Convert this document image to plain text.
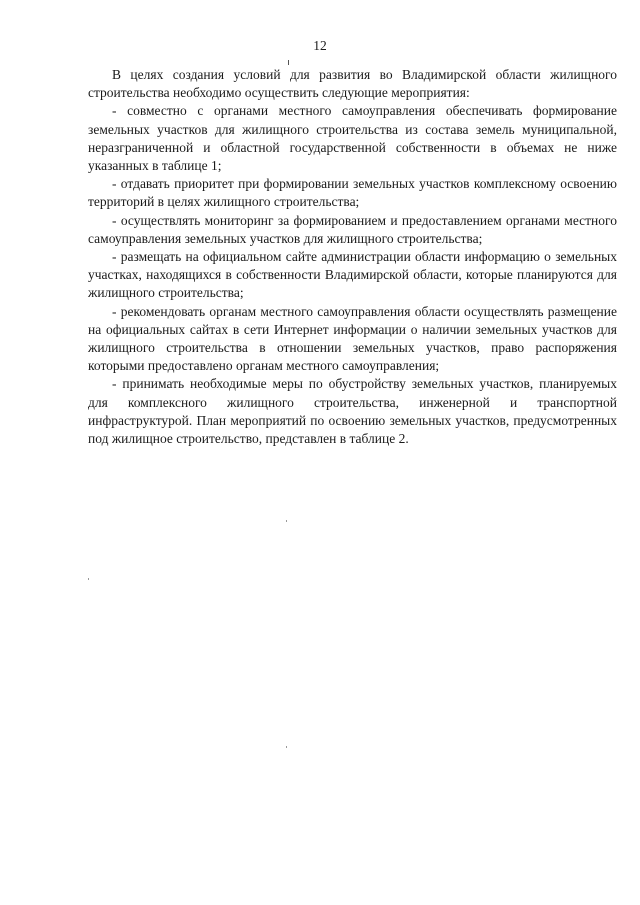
12

В целях создания условий для развития во Владимирской области жилищного строительства необходимо осуществить следующие мероприятия:

- совместно с органами местного самоуправления обеспечивать формирование земельных участков для жилищного строительства из состава земель муниципальной, неразграниченной и областной государственной собственности в объемах не ниже указанных в таблице 1;

- отдавать приоритет при формировании земельных участков комплексному освоению территорий в целях жилищного строительства;

- осуществлять мониторинг за формированием и предоставлением органами местного самоуправления земельных участков для жилищного строительства;

- размещать на официальном сайте администрации области информацию о земельных участках, находящихся в собственности Владимирской области, которые планируются для жилищного строительства;

- рекомендовать органам местного самоуправления области осуществлять размещение на официальных сайтах в сети Интернет информации о наличии земельных участков для жилищного строительства в отношении земельных участков, право распоряжения которыми предоставлено органам местного самоуправления;

- принимать необходимые меры по обустройству земельных участков, планируемых для комплексного жилищного строительства, инженерной и транспортной инфраструктурой. План мероприятий по освоению земельных участков, предусмотренных под жилищное строительство, представлен в таблице 2.
